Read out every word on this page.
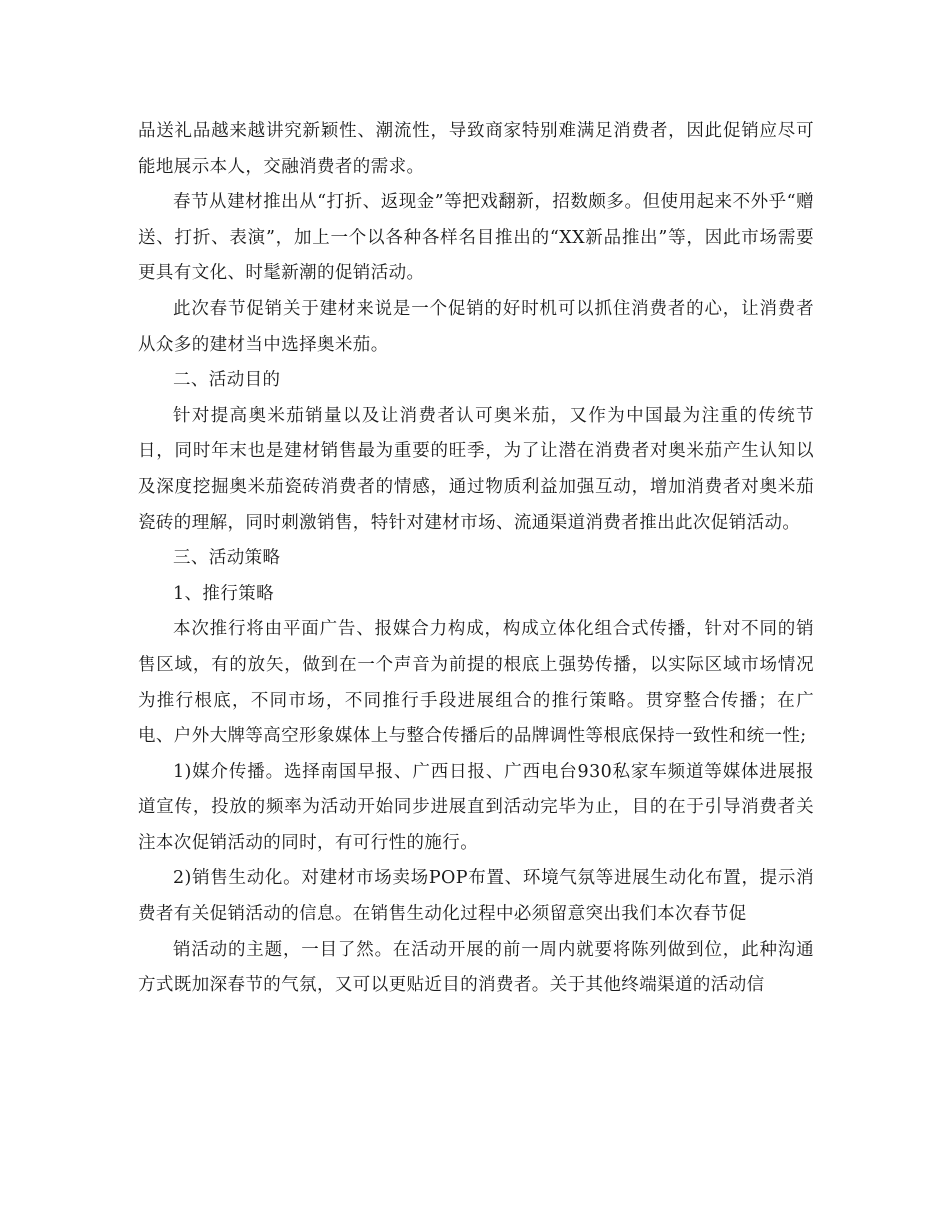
品送礼品越来越讲究新颖性、潮流性，导致商家特别难满足消费者，因此促销应尽可能地展示本人，交融消费者的需求。

春节从建材推出从“打折、返现金”等把戏翻新，招数颇多。但使用起来不外乎“赠送、打折、表演”，加上一个以各种各样名目推出的“XX新品推出”等，因此市场需要更具有文化、时髦新潮的促销活动。

此次春节促销关于建材来说是一个促销的好时机可以抓住消费者的心，让消费者从众多的建材当中选择奥米茄。

二、活动目的

针对提高奥米茄销量以及让消费者认可奥米茄，又作为中国最为注重的传统节日，同时年末也是建材销售最为重要的旺季，为了让潜在消费者对奥米茄产生认知以及深度挖掘奥米茄瓷砖消费者的情感，通过物质利益加强互动，增加消费者对奥米茄瓷砖的理解，同时刺激销售，特针对建材市场、流通渠道消费者推出此次促销活动。

三、活动策略

1、推行策略

本次推行将由平面广告、报媒合力构成，构成立体化组合式传播，针对不同的销售区域，有的放矢，做到在一个声音为前提的根底上强势传播，以实际区域市场情况为推行根底，不同市场，不同推行手段进展组合的推行策略。贯穿整合传播；在广电、户外大牌等高空形象媒体上与整合传播后的品牌调性等根底保持一致性和统一性;

1)媒介传播。选择南国早报、广西日报、广西电台930私家车频道等媒体进展报道宣传，投放的频率为活动开始同步进展直到活动完毕为止，目的在于引导消费者关注本次促销活动的同时，有可行性的施行。

2)销售生动化。对建材市场卖场POP布置、环境气氛等进展生动化布置，提示消费者有关促销活动的信息。在销售生动化过程中必须留意突出我们本次春节促

销活动的主题，一目了然。在活动开展的前一周内就要将陈列做到位，此种沟通方式既加深春节的气氛，又可以更贴近目的消费者。关于其他终端渠道的活动信
